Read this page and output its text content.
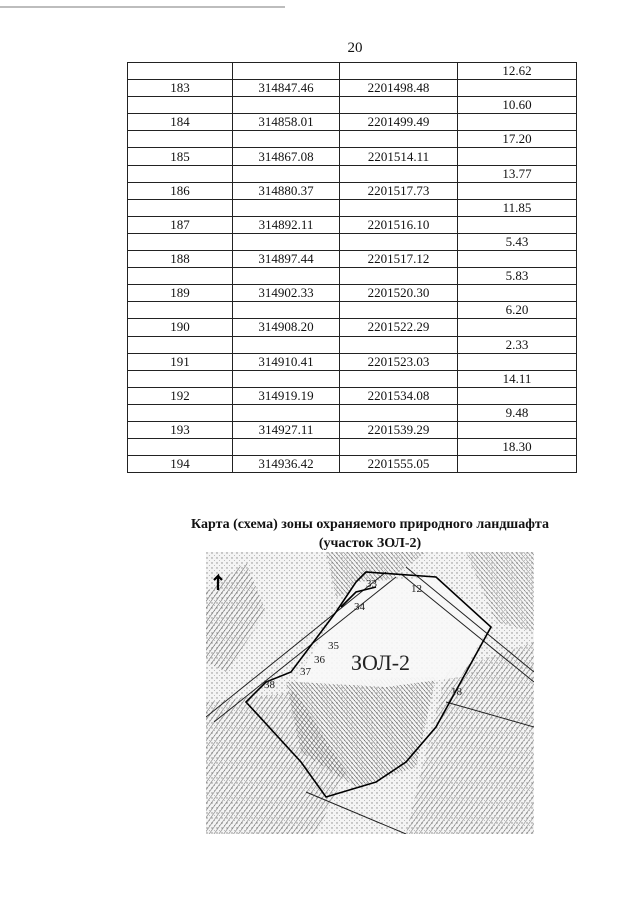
20
			12.62
183	314847.46	2201498.48	
			10.60
184	314858.01	2201499.49	
			17.20
185	314867.08	2201514.11	
			13.77
186	314880.37	2201517.73	
			11.85
187	314892.11	2201516.10	
			5.43
188	314897.44	2201517.12	
			5.83
189	314902.33	2201520.30	
			6.20
190	314908.20	2201522.29	
			2.33
191	314910.41	2201523.03	
			14.11
192	314919.19	2201534.08	
			9.48
193	314927.11	2201539.29	
			18.30
194	314936.42	2201555.05	
Карта (схема) зоны охраняемого природного ландшафта
(участок ЗОЛ-2)
33
34
35
36
37
38
18
12
ЗОЛ-2
